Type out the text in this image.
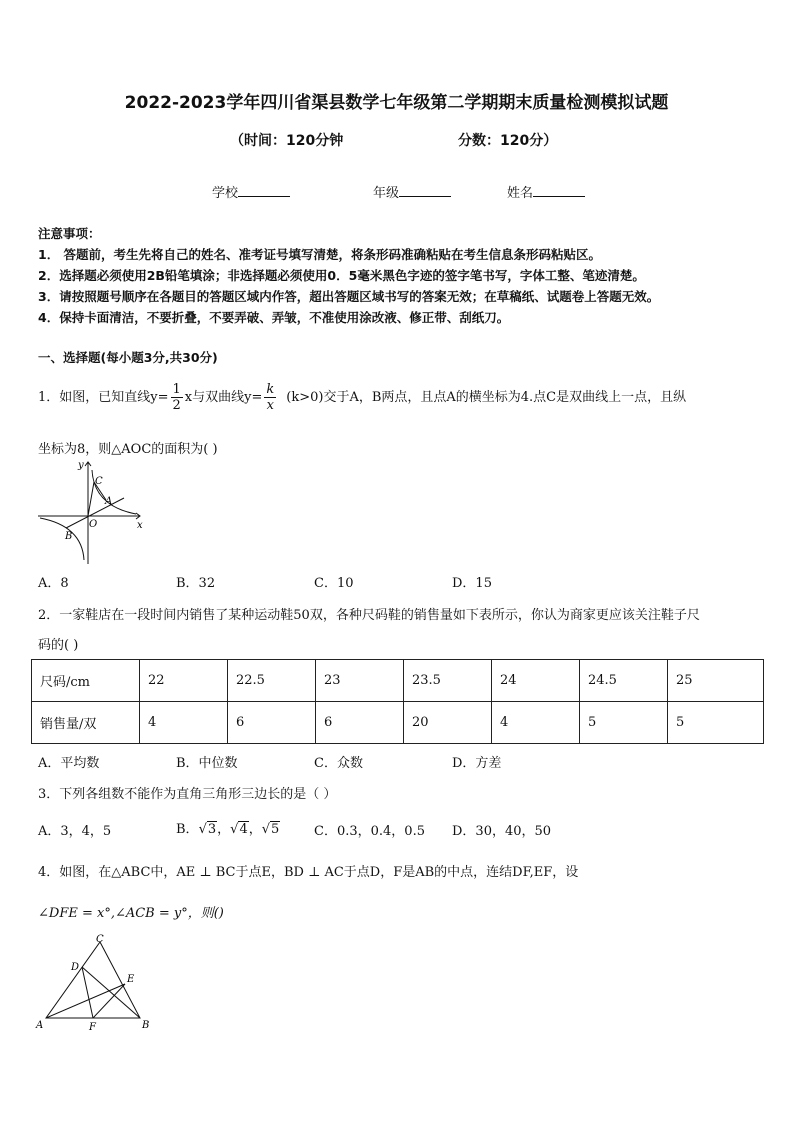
2022-2023学年四川省渠县数学七年级第二学期期末质量检测模拟试题
（时间：120分钟	分数：120分）
学校	年级	姓名
注意事项：
1． 答题前，考生先将自己的姓名、准考证号填写清楚，将条形码准确粘贴在考生信息条形码粘贴区。
2．选择题必须使用2B铅笔填涂；非选择题必须使用0．5毫米黑色字迹的签字笔书写，字体工整、笔迹清楚。
3．请按照题号顺序在各题目的答题区域内作答，超出答题区域书写的答案无效；在草稿纸、试题卷上答题无效。
4．保持卡面清洁，不要折叠，不要弄破、弄皱，不准使用涂改液、修正带、刮纸刀。
一、选择题(每小题3分,共30分)
1．如图，已知直线$y= \frac{1}{2}$ x与双曲线$y= \frac{k}{x} (k>0)$交于A，B两点，且点A的横坐标为4.点C是双曲线上一点，且纵
坐标为8，则△AOC的面积为( )
y
x
O
A
B
C
A．8	B．32	C．10	D．15
2．一家鞋店在一段时间内销售了某种运动鞋50双，各种尺码鞋的销售量如下表所示，你认为商家更应该关注鞋子尺
码的( )
尺码/cm	22	22.5	23	23.5	24	24.5	25
销售量/双	4	6	6	20	4	5	5
A．平均数	B．中位数	C．众数	D．方差
3．下列各组数不能作为直角三角形三边长的是（ ）
A．3，4，5	B．√3，√4，√5	C．0.3，0.4，0.5 D．30，40，50
4．如图，在△ABC中，AE ⊥ BC于点E，BD ⊥ AC于点D，F是AB的中点，连结DF,EF，设
∠DFE = x°,∠ACB = y°，则()
A	B
C
D
E
F
